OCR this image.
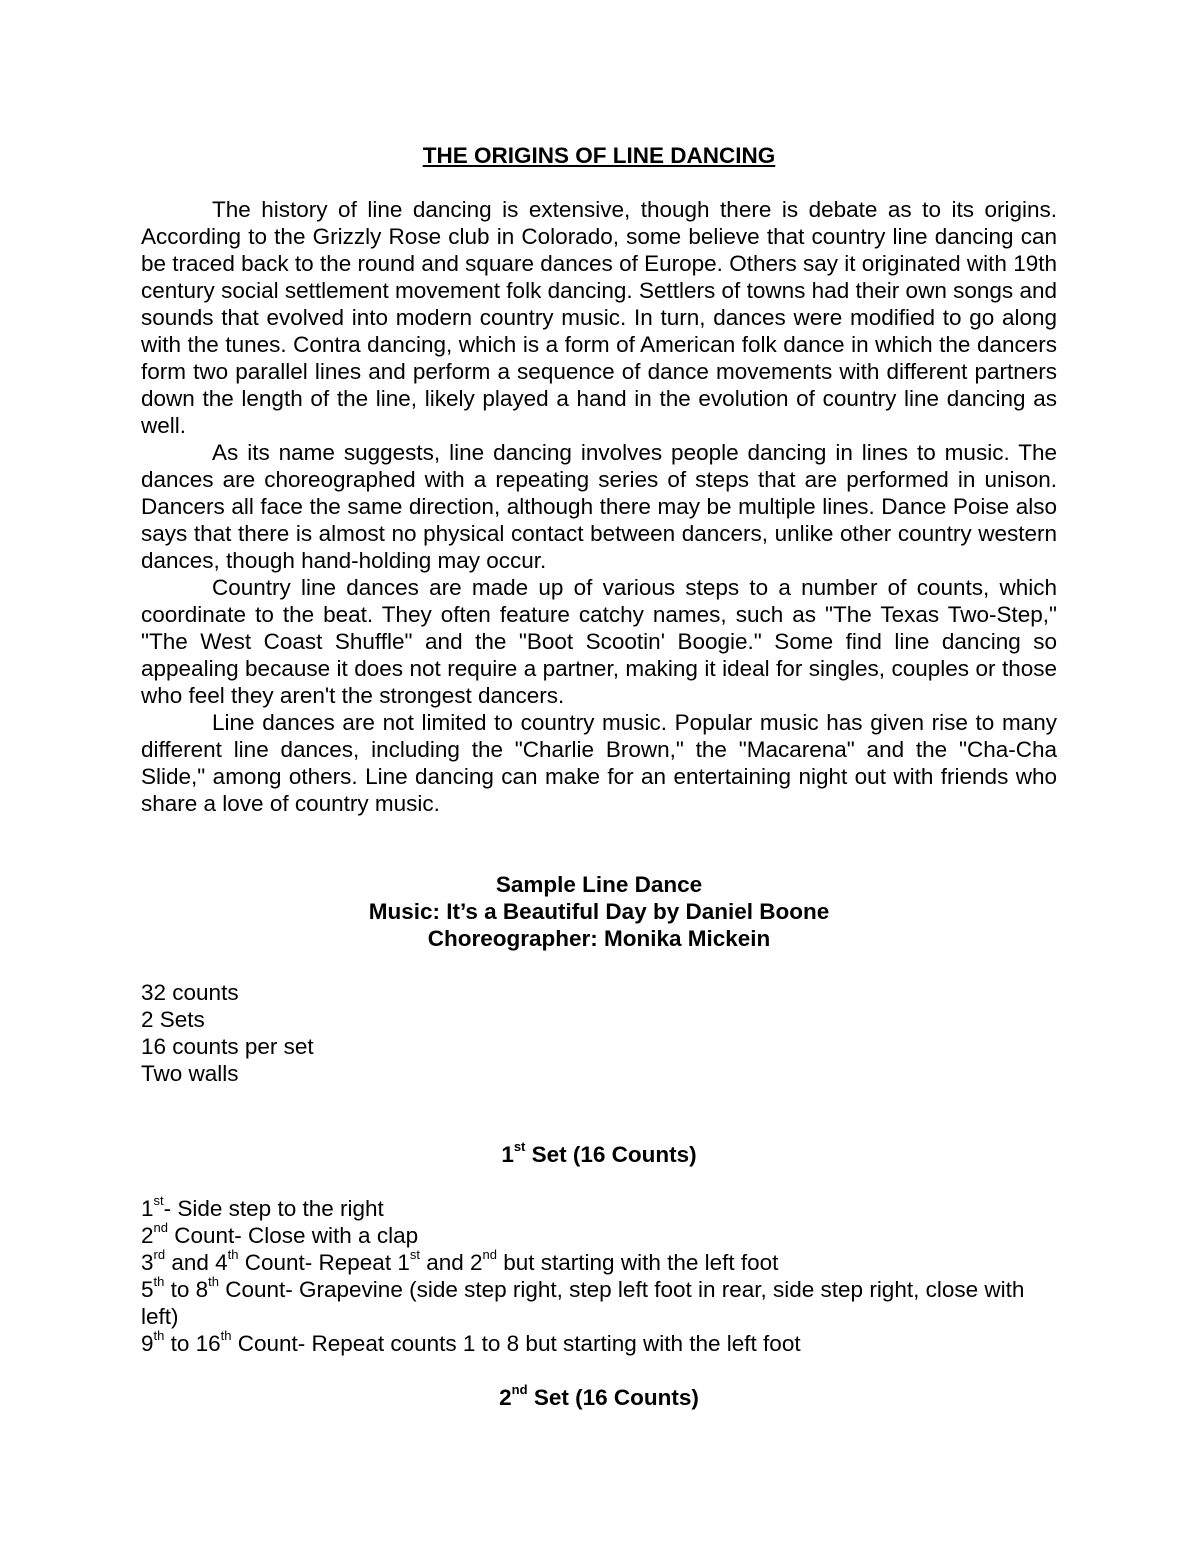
THE ORIGINS OF LINE DANCING

The history of line dancing is extensive, though there is debate as to its origins. According to the Grizzly Rose club in Colorado, some believe that country line dancing can be traced back to the round and square dances of Europe. Others say it originated with 19th century social settlement movement folk dancing. Settlers of towns had their own songs and sounds that evolved into modern country music. In turn, dances were modified to go along with the tunes. Contra dancing, which is a form of American folk dance in which the dancers form two parallel lines and perform a sequence of dance movements with different partners down the length of the line, likely played a hand in the evolution of country line dancing as well.

As its name suggests, line dancing involves people dancing in lines to music. The dances are choreographed with a repeating series of steps that are performed in unison. Dancers all face the same direction, although there may be multiple lines. Dance Poise also says that there is almost no physical contact between dancers, unlike other country western dances, though hand-holding may occur.

Country line dances are made up of various steps to a number of counts, which coordinate to the beat. They often feature catchy names, such as "The Texas Two-Step," "The West Coast Shuffle" and the "Boot Scootin' Boogie." Some find line dancing so appealing because it does not require a partner, making it ideal for singles, couples or those who feel they aren't the strongest dancers.

Line dances are not limited to country music. Popular music has given rise to many different line dances, including the "Charlie Brown," the "Macarena" and the "Cha-Cha Slide," among others. Line dancing can make for an entertaining night out with friends who share a love of country music.

Sample Line Dance
Music: It’s a Beautiful Day by Daniel Boone
Choreographer: Monika Mickein
32 counts
2 Sets
16 counts per set
Two walls
1st Set (16 Counts)
1st- Side step to the right
2nd Count- Close with a clap
3rd and 4th Count- Repeat 1st and 2nd but starting with the left foot
5th to 8th Count- Grapevine (side step right, step left foot in rear, side step right, close with left)
9th to 16th Count- Repeat counts 1 to 8 but starting with the left foot
2nd Set (16 Counts)
